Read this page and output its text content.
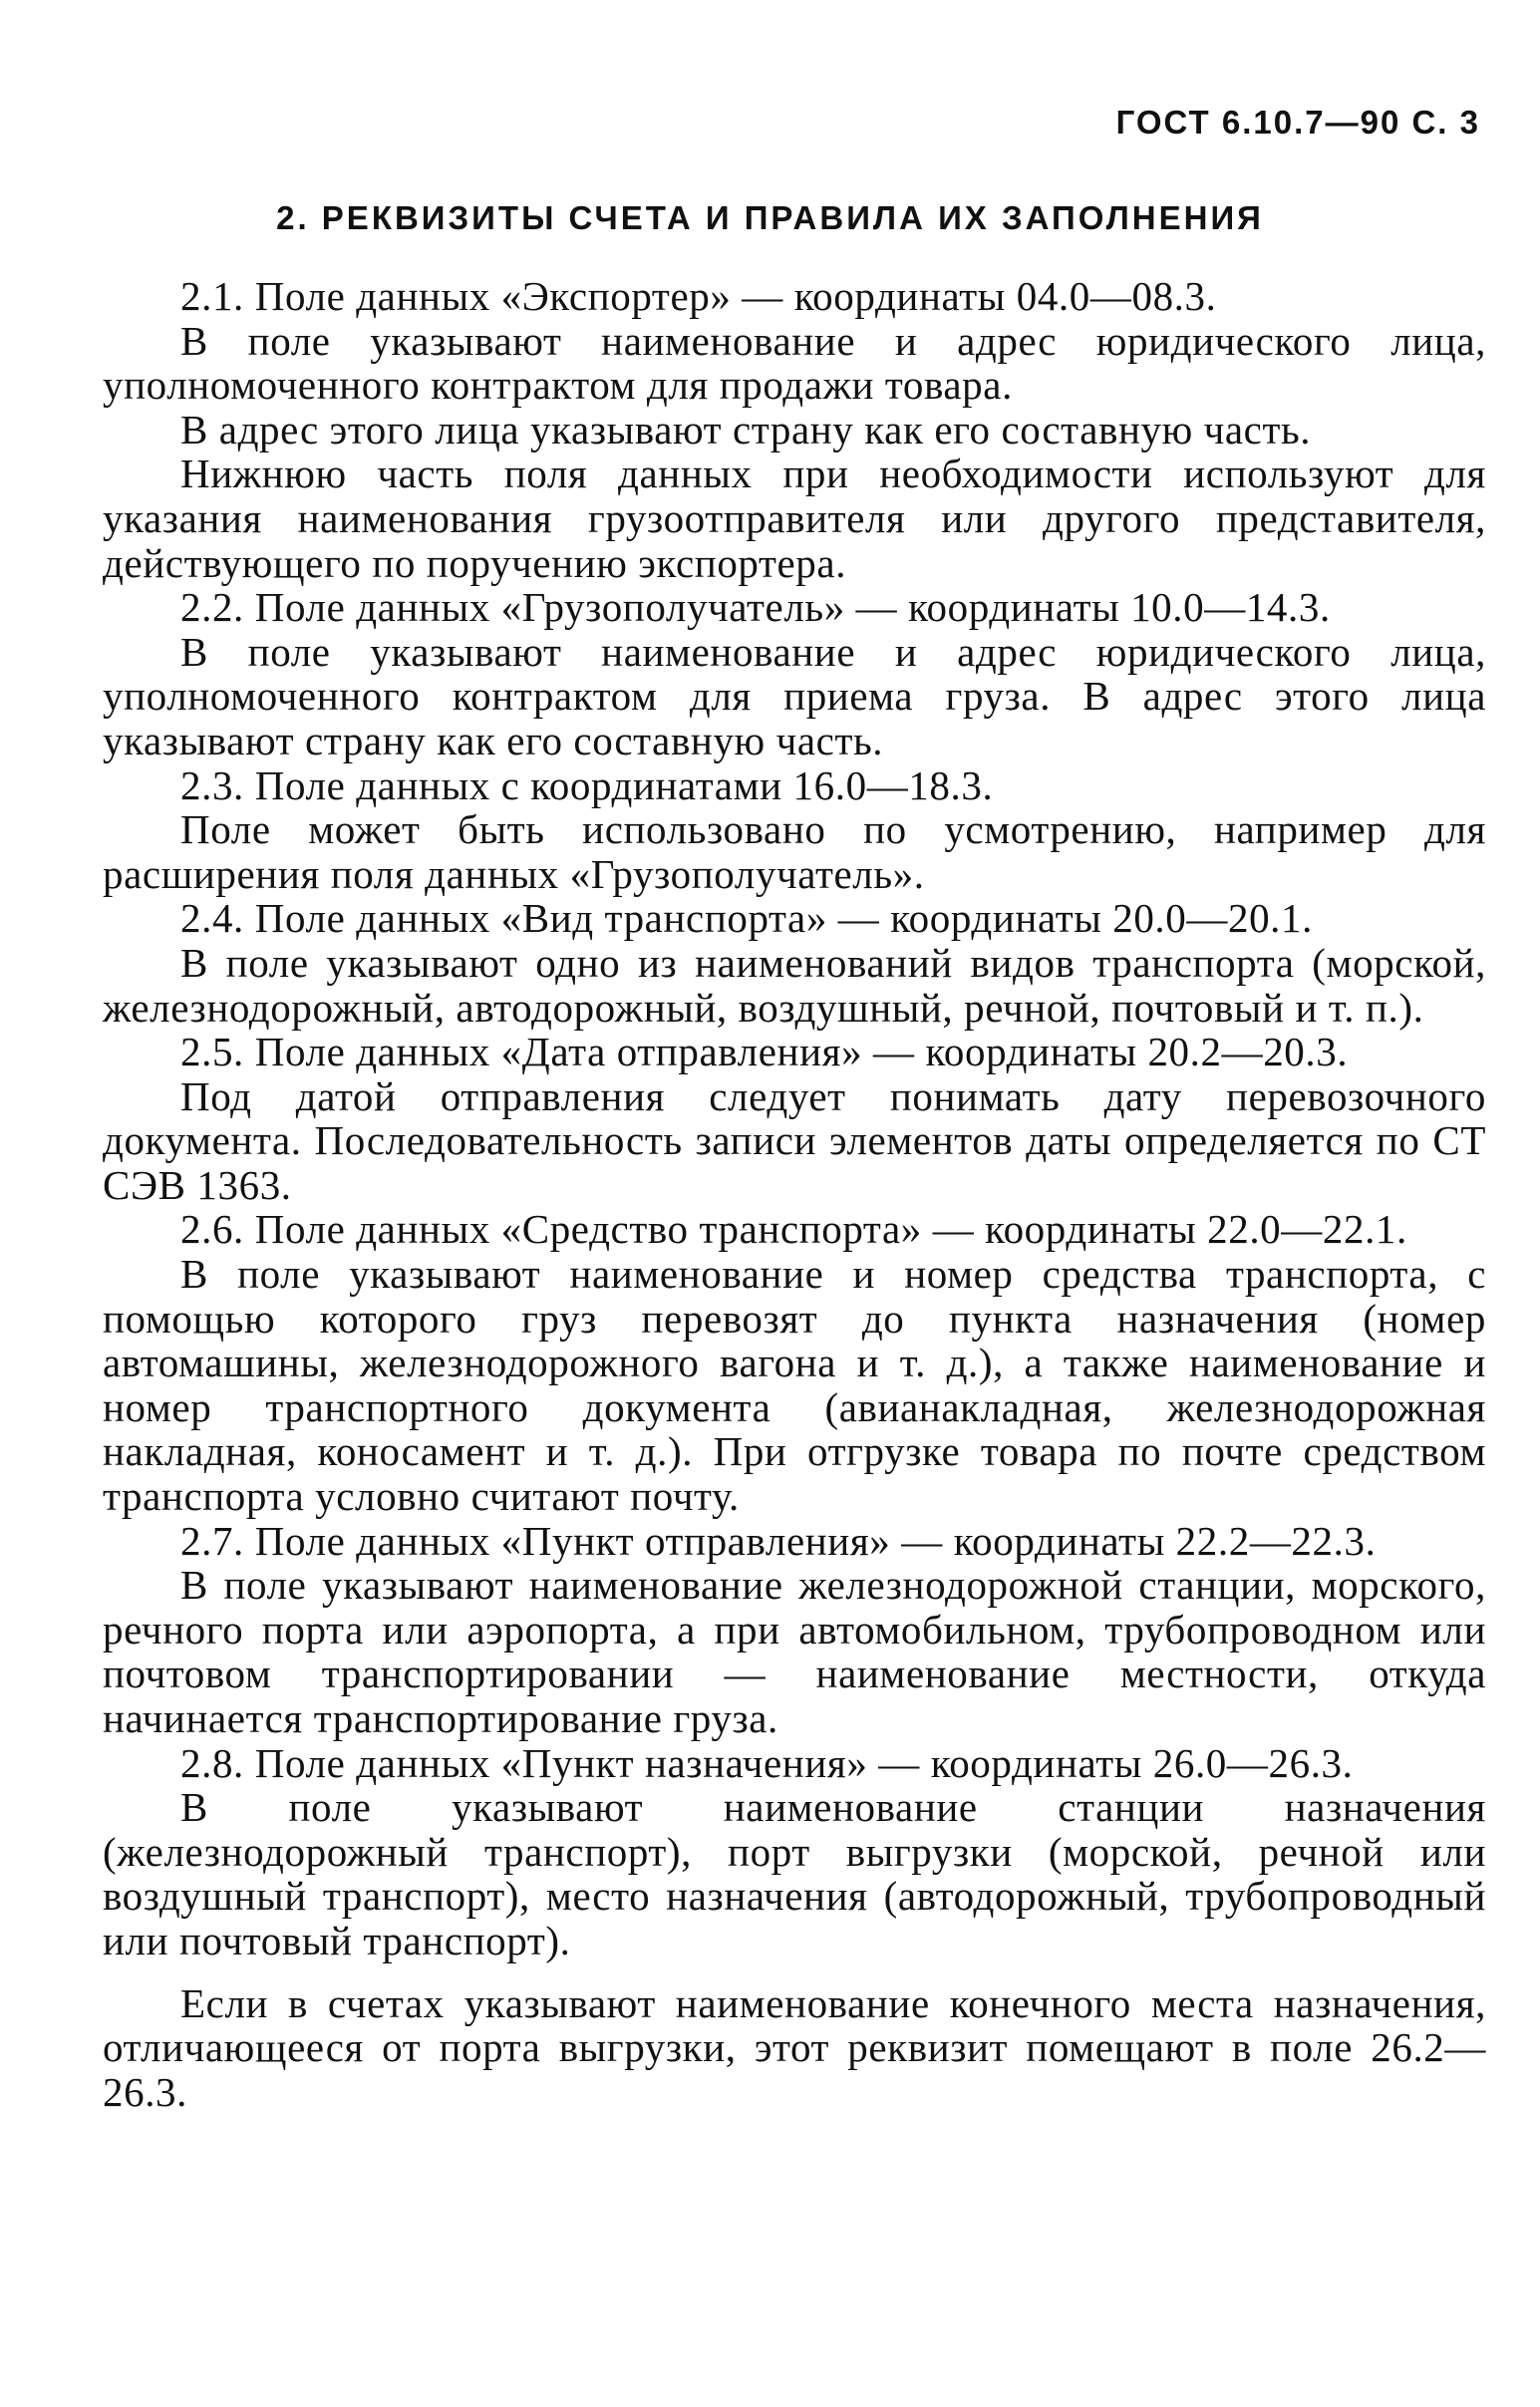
ГОСТ 6.10.7—90 С. 3
2. РЕКВИЗИТЫ СЧЕТА И ПРАВИЛА ИХ ЗАПОЛНЕНИЯ

2.1. Поле данных «Экспортер» — координаты 04.0—08.3.

В поле указывают наименование и адрес юридического лица, уполномоченного контрактом для продажи товара.

В адрес этого лица указывают страну как его составную часть.

Нижнюю часть поля данных при необходимости используют для указания наименования грузоотправителя или другого представителя, действующего по поручению экспортера.

2.2. Поле данных «Грузополучатель» — координаты 10.0—14.3.

В поле указывают наименование и адрес юридического лица, уполномоченного контрактом для приема груза. В адрес этого лица указывают страну как его составную часть.

2.3. Поле данных с координатами 16.0—18.3.

Поле может быть использовано по усмотрению, например для расширения поля данных «Грузополучатель».

2.4. Поле данных «Вид транспорта» — координаты 20.0—20.1.

В поле указывают одно из наименований видов транспорта (морской, железнодорожный, автодорожный, воздушный, речной, почтовый и т. п.).

2.5. Поле данных «Дата отправления» — координаты 20.2—20.3.

Под датой отправления следует понимать дату перевозочного документа. Последовательность записи элементов даты определяется по СТ СЭВ 1363.

2.6. Поле данных «Средство транспорта» — координаты 22.0—22.1.

В поле указывают наименование и номер средства транспорта, с помощью которого груз перевозят до пункта назначения (номер автомашины, железнодорожного вагона и т. д.), а также наименование и номер транспортного документа (авианакладная, железнодорожная накладная, коносамент и т. д.). При отгрузке товара по почте средством транспорта условно считают почту.

2.7. Поле данных «Пункт отправления» — координаты 22.2—22.3.

В поле указывают наименование железнодорожной станции, морского, речного порта или аэропорта, а при автомобильном, трубопроводном или почтовом транспортировании — наименование местности, откуда начинается транспортирование груза.

2.8. Поле данных «Пункт назначения» — координаты 26.0—26.3.

В поле указывают наименование станции назначения (железнодорожный транспорт), порт выгрузки (морской, речной или воздушный транспорт), место назначения (автодорожный, трубопроводный или почтовый транспорт).

Если в счетах указывают наименование конечного места назначения, отличающееся от порта выгрузки, этот реквизит помещают в поле 26.2—26.3.
